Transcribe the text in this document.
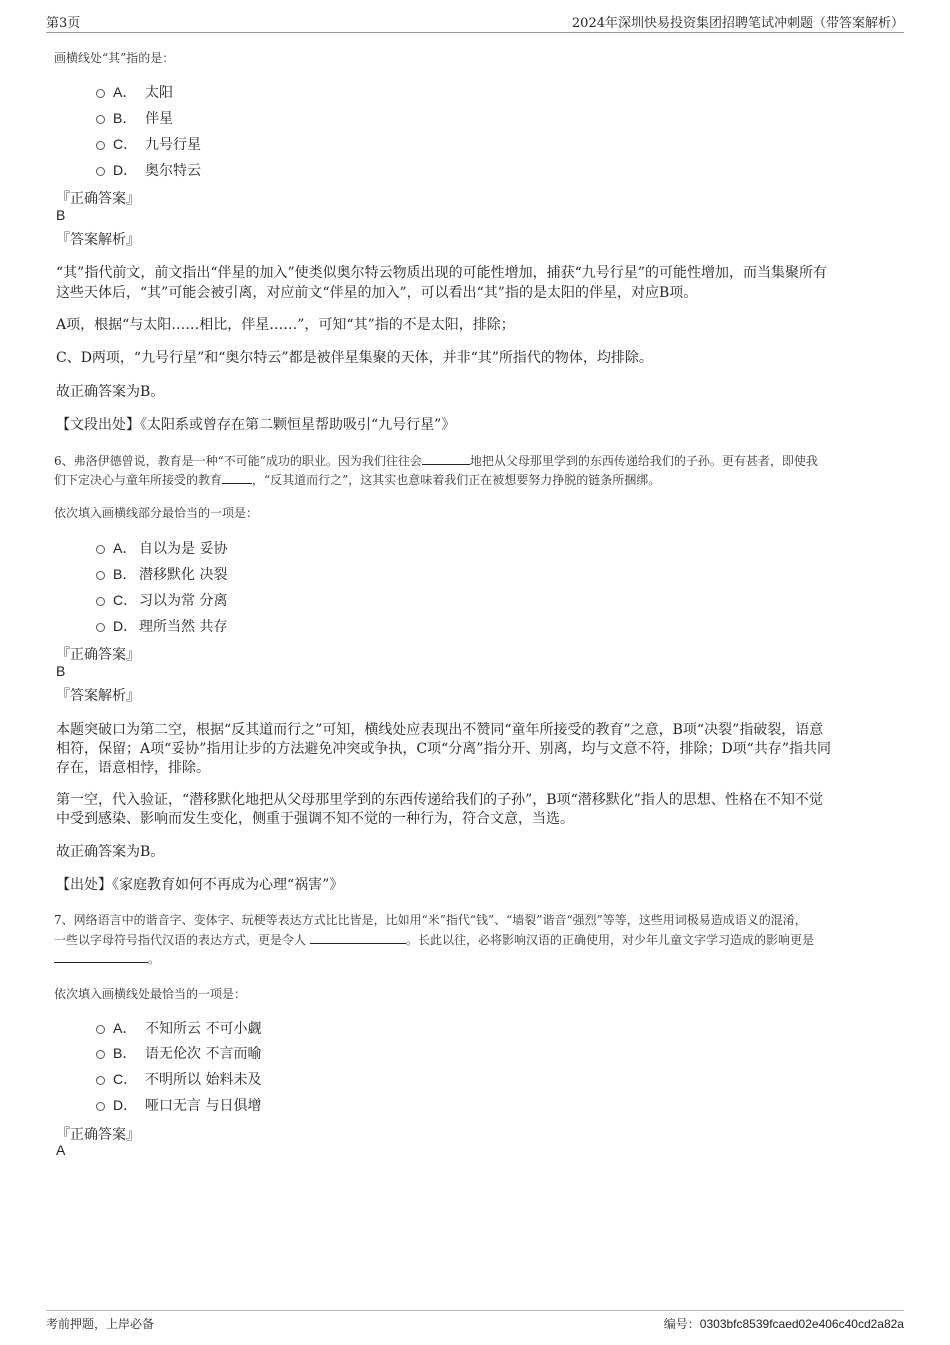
第3页	2024年深圳快易投资集团招聘笔试冲刺题（带答案解析）
画横线处“其”指的是：
A． 太阳
B． 伴星
C． 九号行星
D． 奥尔特云
『正确答案』
B
『答案解析』
“其”指代前文，前文指出“伴星的加入”使类似奥尔特云物质出现的可能性增加，捕获“九号行星”的可能性增加，而当集聚所有
这些天体后，“其”可能会被引离，对应前文“伴星的加入”，可以看出“其”指的是太阳的伴星，对应B项。
A项，根据“与太阳……相比，伴星……”，可知“其”指的不是太阳，排除；
C、D两项，“九号行星”和“奥尔特云”都是被伴星集聚的天体，并非“其”所指代的物体，均排除。
故正确答案为B。
【文段出处】《太阳系或曾存在第二颗恒星帮助吸引“九号行星”》
6、弗洛伊德曾说，教育是一种“不可能”成功的职业。因为我们往往会	地把从父母那里学到的东西传递给我们的子孙。更有甚者，即使我
们下定决心与童年所接受的教育	，“反其道而行之”，这其实也意味着我们正在被想要努力挣脱的链条所捆绑。
依次填入画横线部分最恰当的一项是：
A． 自以为是 妥协
B． 潜移默化 决裂
C． 习以为常 分离
D． 理所当然 共存
『正确答案』
B
『答案解析』
本题突破口为第二空，根据“反其道而行之”可知，横线处应表现出不赞同“童年所接受的教育”之意，B项“决裂”指破裂，语意
相符，保留；A项“妥协”指用让步的方法避免冲突或争执，C项“分离”指分开、别离，均与文意不符，排除；D项“共存”指共同
存在，语意相悖，排除。
第一空，代入验证，“潜移默化地把从父母那里学到的东西传递给我们的子孙”，B项“潜移默化”指人的思想、性格在不知不觉
中受到感染、影响而发生变化，侧重于强调不知不觉的一种行为，符合文意，当选。
故正确答案为B。
【出处】《家庭教育如何不再成为心理“祸害”》
7、网络语言中的谐音字、变体字、玩梗等表达方式比比皆是，比如用“米”指代“钱”、“墙裂”谐音“强烈”等等，这些用词极易造成语义的混淆，
一些以字母符号指代汉语的表达方式，更是令人	。长此以往，必将影响汉语的正确使用，对少年儿童文字学习造成的影响更是
。
依次填入画横线处最恰当的一项是：
A． 不知所云 不可小觑
B． 语无伦次 不言而喻
C． 不明所以 始料未及
D． 哑口无言 与日俱增
『正确答案』
A
考前押题，上岸必备	编号：0303bfc8539fcaed02e406c40cd2a82a
